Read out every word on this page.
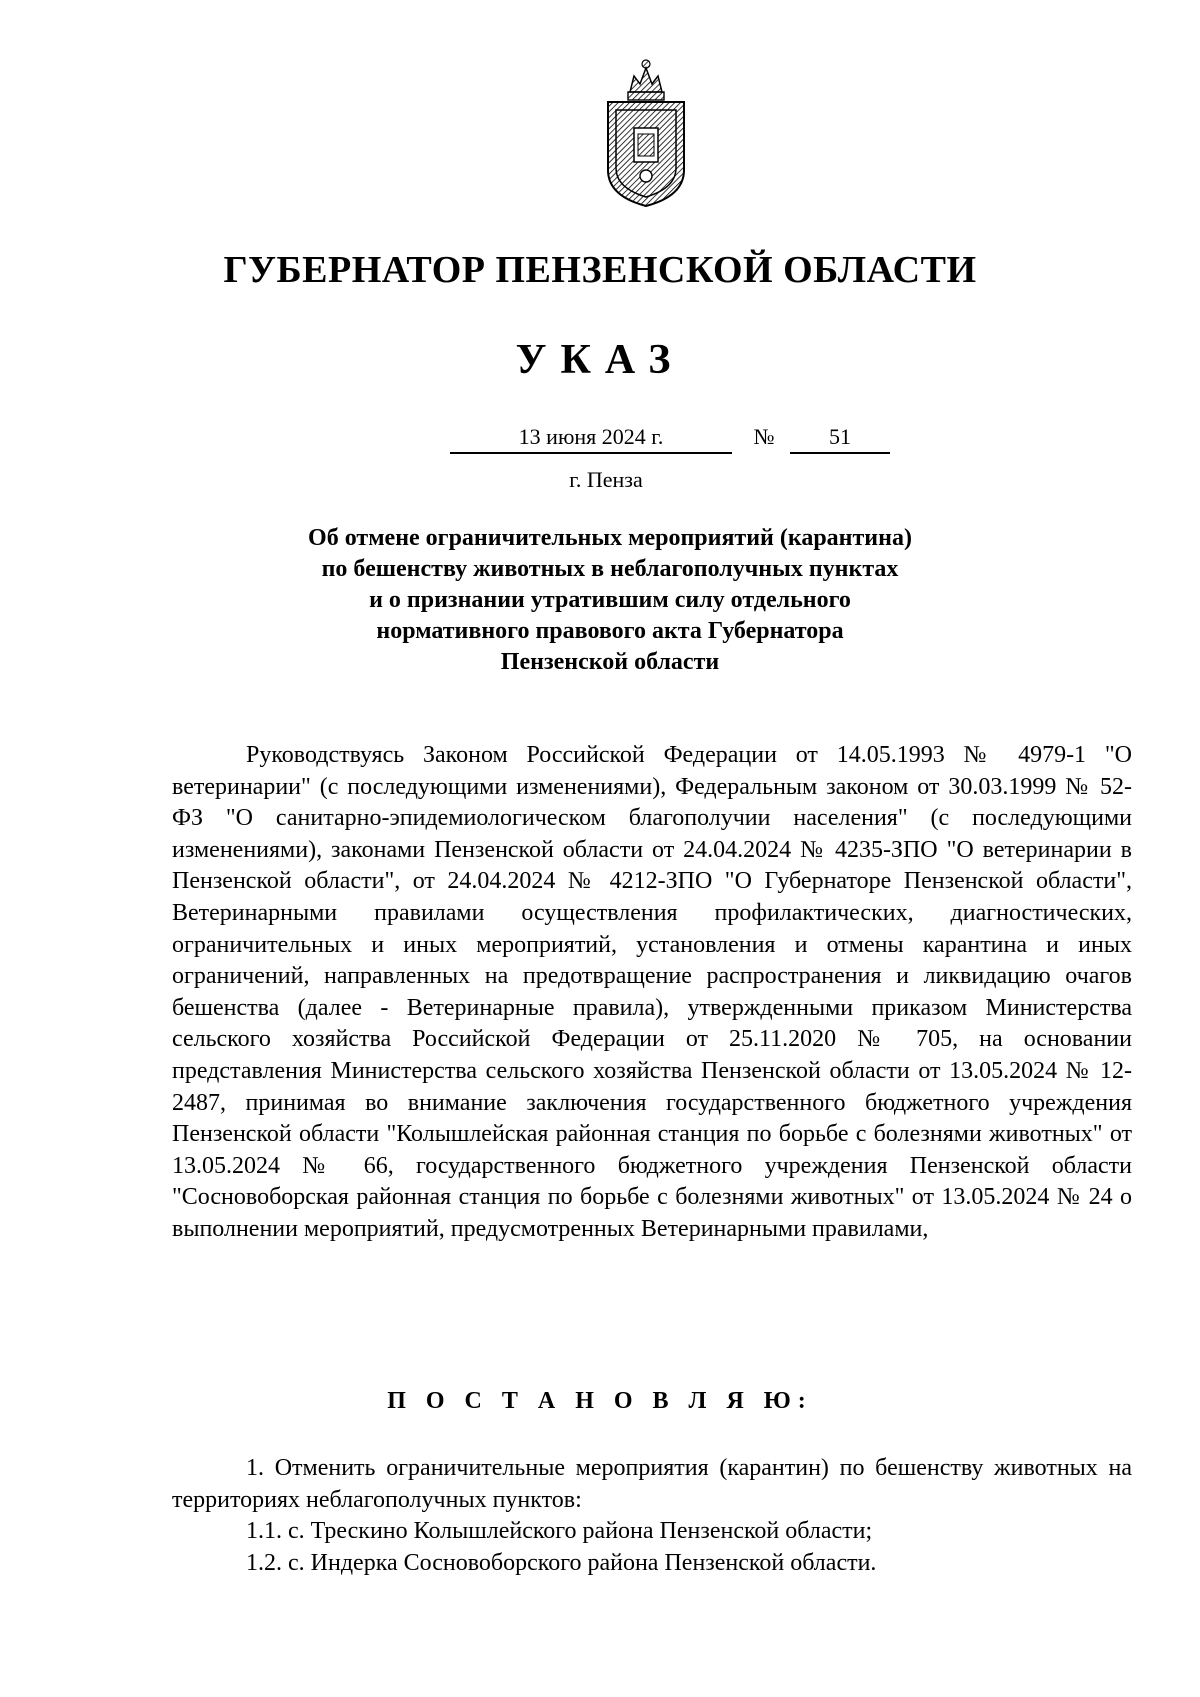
ГУБЕРНАТОР ПЕНЗЕНСКОЙ ОБЛАСТИ
УКАЗ
13 июня 2024 г.	№	51
г. Пенза
Об отмене ограничительных мероприятий (карантина)
по бешенству животных в неблагополучных пунктах
и о признании утратившим силу отдельного
нормативного правового акта Губернатора
Пензенской области
Руководствуясь Законом Российской Федерации от 14.05.1993 № 4979-1 "О ветеринарии" (с последующими изменениями), Федеральным законом от 30.03.1999 № 52-ФЗ "О санитарно-эпидемиологическом благополучии населения" (с последующими изменениями), законами Пензенской области от 24.04.2024 № 4235-ЗПО "О ветеринарии в Пензенской области", от 24.04.2024 № 4212-ЗПО "О Губернаторе Пензенской области", Ветеринарными правилами осуществления профилактических, диагностических, ограничительных и иных мероприятий, установления и отмены карантина и иных ограничений, направленных на предотвращение распространения и ликвидацию очагов бешенства (далее - Ветеринарные правила), утвержденными приказом Министерства сельского хозяйства Российской Федерации от 25.11.2020 № 705, на основании представления Министерства сельского хозяйства Пензенской области от 13.05.2024 № 12-2487, принимая во внимание заключения государственного бюджетного учреждения Пензенской области "Колышлейская районная станция по борьбе с болезнями животных" от 13.05.2024 № 66, государственного бюджетного учреждения Пензенской области "Сосновоборская районная станция по борьбе с болезнями животных" от 13.05.2024 № 24 о выполнении мероприятий, предусмотренных Ветеринарными правилами,
П О С Т А Н О В Л Я Ю:
1. Отменить ограничительные мероприятия (карантин) по бешенству животных на территориях неблагополучных пунктов:
1.1. с. Трескино Колышлейского района Пензенской области;
1.2. с. Индерка Сосновоборского района Пензенской области.
